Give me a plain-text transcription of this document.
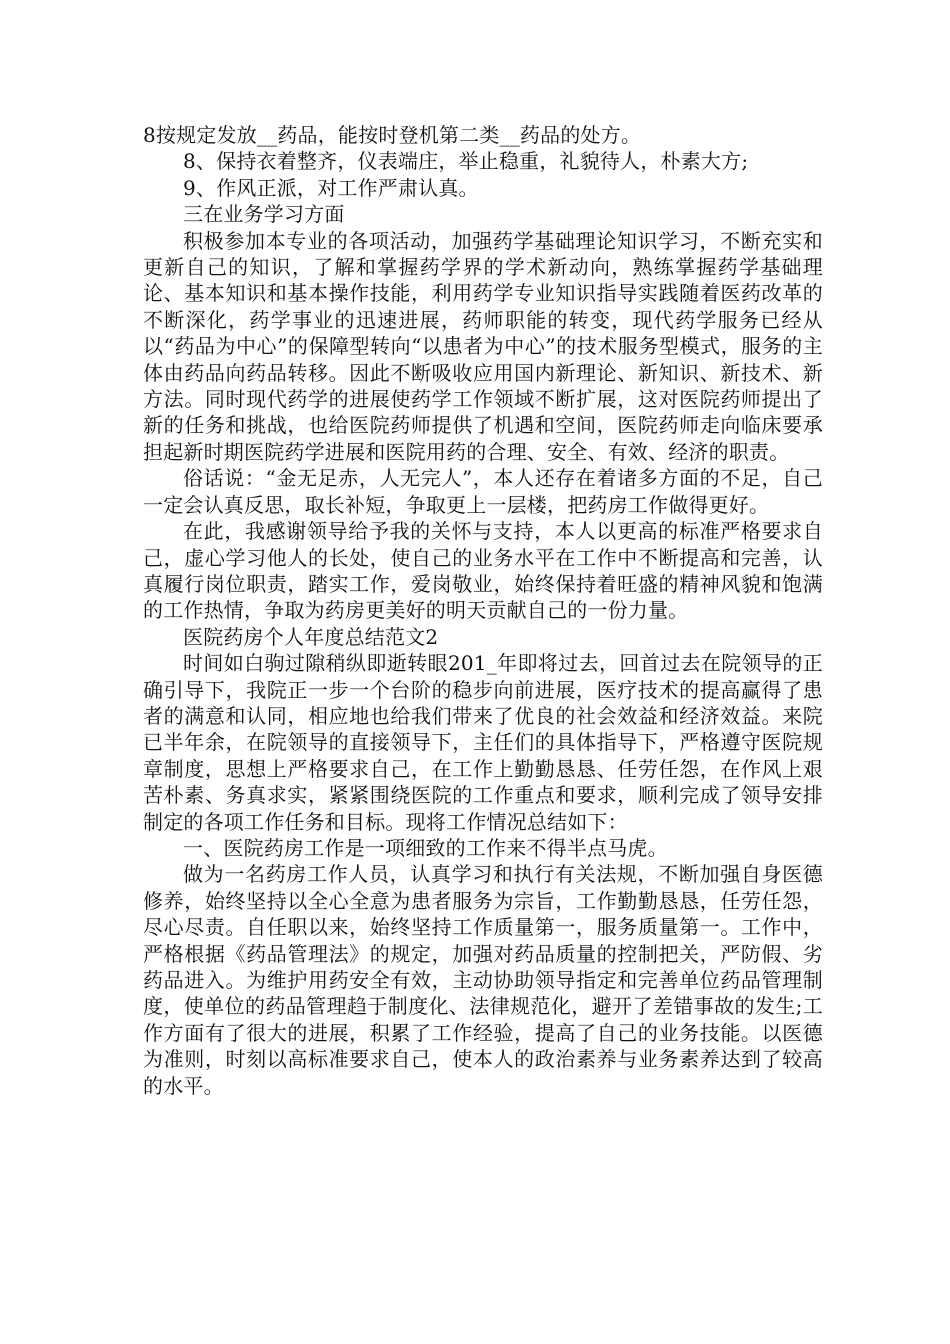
8按规定发放__药品，能按时登机第二类__药品的处方。

8、保持衣着整齐，仪表端庄，举止稳重，礼貌待人，朴素大方;

9、作风正派，对工作严肃认真。

三在业务学习方面

积极参加本专业的各项活动，加强药学基础理论知识学习，不断充实和更新自己的知识，了解和掌握药学界的学术新动向，熟练掌握药学基础理论、基本知识和基本操作技能，利用药学专业知识指导实践随着医药改革的不断深化，药学事业的迅速进展，药师职能的转变，现代药学服务已经从以“药品为中心”的保障型转向“以患者为中心”的技术服务型模式，服务的主体由药品向药品转移。因此不断吸收应用国内新理论、新知识、新技术、新方法。同时现代药学的进展使药学工作领域不断扩展，这对医院药师提出了新的任务和挑战，也给医院药师提供了机遇和空间，医院药师走向临床要承担起新时期医院药学进展和医院用药的合理、安全、有效、经济的职责。

俗话说：“金无足赤，人无完人”，本人还存在着诸多方面的不足，自己一定会认真反思，取长补短，争取更上一层楼，把药房工作做得更好。

在此，我感谢领导给予我的关怀与支持，本人以更高的标准严格要求自己，虚心学习他人的长处，使自己的业务水平在工作中不断提高和完善，认真履行岗位职责，踏实工作，爱岗敬业，始终保持着旺盛的精神风貌和饱满的工作热情，争取为药房更美好的明天贡献自己的一份力量。

医院药房个人年度总结范文2

时间如白驹过隙稍纵即逝转眼201_年即将过去，回首过去在院领导的正确引导下，我院正一步一个台阶的稳步向前进展，医疗技术的提高赢得了患者的满意和认同，相应地也给我们带来了优良的社会效益和经济效益。来院已半年余，在院领导的直接领导下，主任们的具体指导下，严格遵守医院规章制度，思想上严格要求自己，在工作上勤勤恳恳、任劳任怨，在作风上艰苦朴素、务真求实，紧紧围绕医院的工作重点和要求，顺利完成了领导安排制定的各项工作任务和目标。现将工作情况总结如下：

一、医院药房工作是一项细致的工作来不得半点马虎。

做为一名药房工作人员，认真学习和执行有关法规，不断加强自身医德修养，始终坚持以全心全意为患者服务为宗旨，工作勤勤恳恳，任劳任怨，尽心尽责。自任职以来，始终坚持工作质量第一，服务质量第一。工作中，严格根据《药品管理法》的规定，加强对药品质量的控制把关，严防假、劣药品进入。为维护用药安全有效，主动协助领导指定和完善单位药品管理制度，使单位的药品管理趋于制度化、法律规范化，避开了差错事故的发生;工作方面有了很大的进展，积累了工作经验，提高了自己的业务技能。以医德为准则，时刻以高标准要求自己，使本人的政治素养与业务素养达到了较高的水平。
